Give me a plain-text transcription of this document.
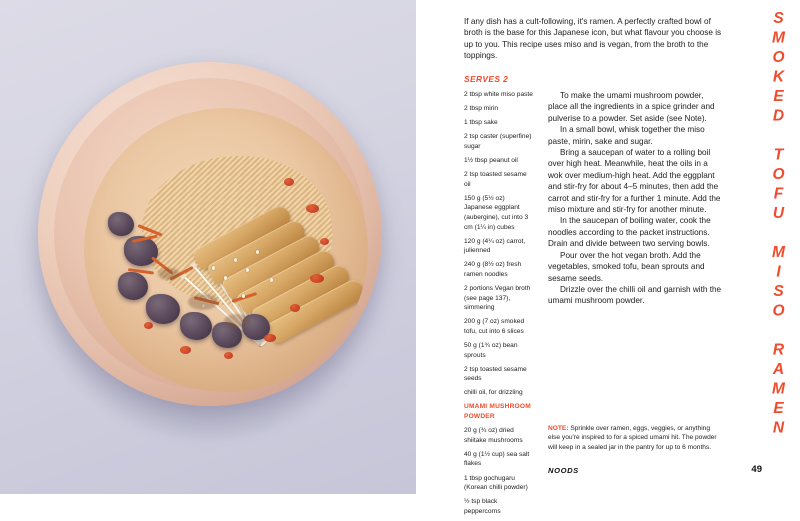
If any dish has a cult-following, it's ramen. A perfectly crafted bowl of broth is the base for this Japanese icon, but what flavour you choose is up to you. This recipe uses miso and is vegan, from the broth to the toppings.
SERVES 2
2 tbsp white miso paste
2 tbsp mirin
1 tbsp sake
2 tsp caster (superfine) sugar
1½ tbsp peanut oil
2 tsp toasted sesame oil
150 g (5½ oz) Japanese eggplant (aubergine), cut into 3 cm (1¼ in) cubes
120 g (4¼ oz) carrot, julienned
240 g (8½ oz) fresh ramen noodles
2 portions Vegan broth (see page 137), simmering
200 g (7 oz) smoked tofu, cut into 6 slices
50 g (1¾ oz) bean sprouts
2 tsp toasted sesame seeds
chilli oil, for drizzling
UMAMI MUSHROOM POWDER
20 g (¾ oz) dried shiitake mushrooms
40 g (1½ cup) sea salt flakes
1 tbsp gochugaru (Korean chilli powder)
½ tsp black peppercorns

To make the umami mushroom powder, place all the ingredients in a spice grinder and pulverise to a powder. Set aside (see Note).

In a small bowl, whisk together the miso paste, mirin, sake and sugar.

Bring a saucepan of water to a rolling boil over high heat. Meanwhile, heat the oils in a wok over medium-high heat. Add the eggplant and stir-fry for about 4–5 minutes, then add the carrot and stir-fry for a further 1 minute. Add the miso mixture and stir-fry for another minute.

In the saucepan of boiling water, cook the noodles according to the packet instructions. Drain and divide between two serving bowls.

Pour over the hot vegan broth. Add the vegetables, smoked tofu, bean sprouts and sesame seeds.

Drizzle over the chilli oil and garnish with the umami mushroom powder.

NOTE: Sprinkle over ramen, eggs, veggies, or anything else you're inspired to for a spiced umami hit. The powder will keep in a sealed jar in the pantry for up to 6 months.
NOODS	49
SMOKED TOFU MISO RAMEN
